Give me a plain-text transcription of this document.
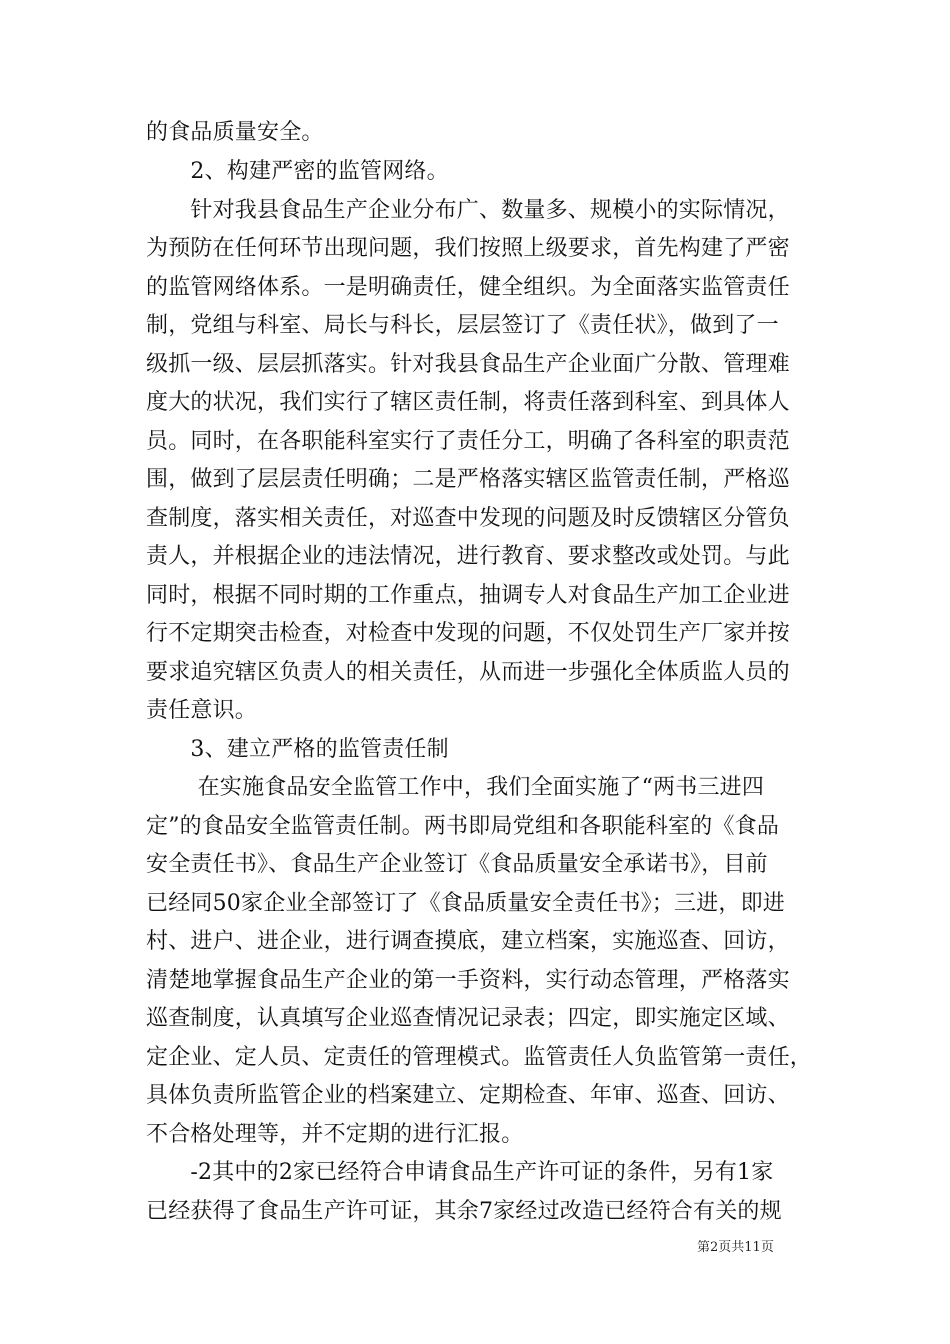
的食品质量安全。
　　2、构建严密的监管网络。
　　针对我县食品生产企业分布广、数量多、规模小的实际情况，
为预防在任何环节出现问题，我们按照上级要求，首先构建了严密
的监管网络体系。一是明确责任，健全组织。为全面落实监管责任
制，党组与科室、局长与科长，层层签订了《责任状》，做到了一
级抓一级、层层抓落实。针对我县食品生产企业面广分散、管理难
度大的状况，我们实行了辖区责任制，将责任落到科室、到具体人
员。同时，在各职能科室实行了责任分工，明确了各科室的职责范
围，做到了层层责任明确；二是严格落实辖区监管责任制，严格巡
查制度，落实相关责任，对巡查中发现的问题及时反馈辖区分管负
责人，并根据企业的违法情况，进行教育、要求整改或处罚。与此
同时，根据不同时期的工作重点，抽调专人对食品生产加工企业进
行不定期突击检查，对检查中发现的问题，不仅处罚生产厂家并按
要求追究辖区负责人的相关责任，从而进一步强化全体质监人员的
责任意识。
　　3、建立严格的监管责任制
　　 在实施食品安全监管工作中，我们全面实施了“两书三进四
定”的食品安全监管责任制。两书即局党组和各职能科室的《食品
安全责任书》、食品生产企业签订《食品质量安全承诺书》，目前
已经同50家企业全部签订了《食品质量安全责任书》；三进，即进
村、进户、进企业，进行调查摸底，建立档案，实施巡查、回访，
清楚地掌握食品生产企业的第一手资料，实行动态管理，严格落实
巡查制度，认真填写企业巡查情况记录表；四定，即实施定区域、
定企业、定人员、定责任的管理模式。监管责任人负监管第一责任，
具体负责所监管企业的档案建立、定期检查、年审、巡查、回访、
不合格处理等，并不定期的进行汇报。
　　-2其中的2家已经符合申请食品生产许可证的条件，另有1家
已经获得了食品生产许可证，其余7家经过改造已经符合有关的规
第2页共11页
